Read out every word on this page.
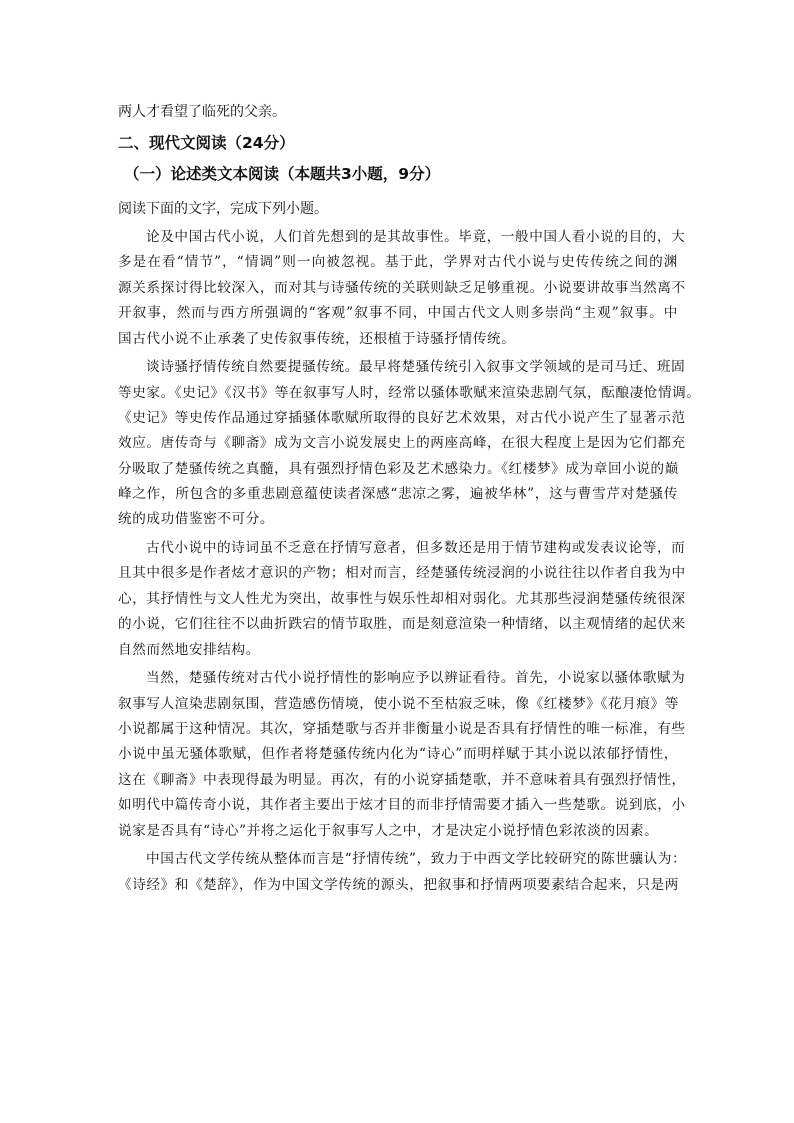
两人才看望了临死的父亲。
二、现代文阅读（24分）
（一）论述类文本阅读（本题共3小题，9分）
阅读下面的文字，完成下列小题。
论及中国古代小说，人们首先想到的是其故事性。毕竟，一般中国人看小说的目的，大
多是在看“情节”，“情调”则一向被忽视。基于此，学界对古代小说与史传传统之间的渊
源关系探讨得比较深入，而对其与诗骚传统的关联则缺乏足够重视。小说要讲故事当然离不
开叙事，然而与西方所强调的“客观”叙事不同，中国古代文人则多崇尚“主观”叙事。中
国古代小说不止承袭了史传叙事传统，还根植于诗骚抒情传统。
谈诗骚抒情传统自然要提骚传统。最早将楚骚传统引入叙事文学领域的是司马迁、班固
等史家。《史记》《汉书》等在叙事写人时，经常以骚体歌赋来渲染悲剧气氛，酝酿凄怆情调。
《史记》等史传作品通过穿插骚体歌赋所取得的良好艺术效果，对古代小说产生了显著示范
效应。唐传奇与《聊斋》成为文言小说发展史上的两座高峰，在很大程度上是因为它们都充
分吸取了楚骚传统之真髓，具有强烈抒情色彩及艺术感染力。《红楼梦》成为章回小说的巅
峰之作，所包含的多重悲剧意蕴使读者深感“悲凉之雾，遍被华林”，这与曹雪芹对楚骚传
统的成功借鉴密不可分。
古代小说中的诗词虽不乏意在抒情写意者，但多数还是用于情节建构或发表议论等，而
且其中很多是作者炫才意识的产物；相对而言，经楚骚传统浸润的小说往往以作者自我为中
心，其抒情性与文人性尤为突出，故事性与娱乐性却相对弱化。尤其那些浸润楚骚传统很深
的小说，它们往往不以曲折跌宕的情节取胜，而是刻意渲染一种情绪，以主观情绪的起伏来
自然而然地安排结构。
当然，楚骚传统对古代小说抒情性的影响应予以辨证看待。首先，小说家以骚体歌赋为
叙事写人渲染悲剧氛围，营造感伤情境，使小说不至枯寂乏味，像《红楼梦》《花月痕》等
小说都属于这种情况。其次，穿插楚歌与否并非衡量小说是否具有抒情性的唯一标准，有些
小说中虽无骚体歌赋，但作者将楚骚传统内化为“诗心”而明样赋于其小说以浓郁抒情性，
这在《聊斋》中表现得最为明显。再次，有的小说穿插楚歌，并不意味着具有强烈抒情性，
如明代中篇传奇小说，其作者主要出于炫才目的而非抒情需要才插入一些楚歌。说到底，小
说家是否具有“诗心”并将之运化于叙事写人之中，才是决定小说抒情色彩浓淡的因素。
中国古代文学传统从整体而言是“抒情传统”，致力于中西文学比较研究的陈世骧认为：
《诗经》和《楚辞》，作为中国文学传统的源头，把叙事和抒情两项要素结合起来，只是两
